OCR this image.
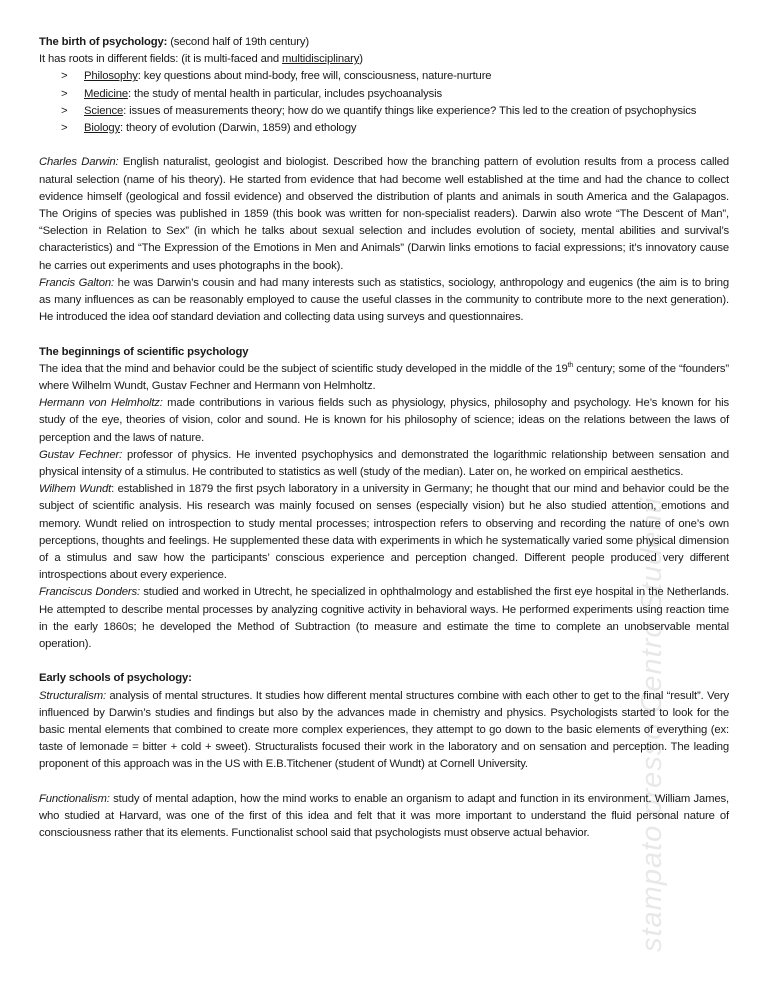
stampato presso Centro Studenti

The birth of psychology: (second half of 19th century)

It has roots in different fields: (it is multi-faced and multidisciplinary)

> Philosophy: key questions about mind-body, free will, consciousness, nature-nurture
> Medicine: the study of mental health in particular, includes psychoanalysis
> Science: issues of measurements theory; how do we quantify things like experience? This led to the creation of psychophysics
> Biology: theory of evolution (Darwin, 1859) and ethology

Charles Darwin: English naturalist, geologist and biologist. Described how the branching pattern of evolution results from a process called natural selection (name of his theory). He started from evidence that had become well established at the time and had the chance to collect evidence himself (geological and fossil evidence) and observed the distribution of plants and animals in south America and the Galapagos. The Origins of species was published in 1859 (this book was written for non-specialist readers). Darwin also wrote “The Descent of Man”, “Selection in Relation to Sex” (in which he talks about sexual selection and includes evolution of society, mental abilities and survival’s characteristics) and “The Expression of the Emotions in Men and Animals” (Darwin links emotions to facial expressions; it’s innovatory cause he carries out experiments and uses photographs in the book).

Francis Galton: he was Darwin’s cousin and had many interests such as statistics, sociology, anthropology and eugenics (the aim is to bring as many influences as can be reasonably employed to cause the useful classes in the community to contribute more to the next generation). He introduced the idea oof standard deviation and collecting data using surveys and questionnaires.

The beginnings of scientific psychology

The idea that the mind and behavior could be the subject of scientific study developed in the middle of the 19th century; some of the “founders” where Wilhelm Wundt, Gustav Fechner and Hermann von Helmholtz.

Hermann von Helmholtz: made contributions in various fields such as physiology, physics, philosophy and psychology. He’s known for his study of the eye, theories of vision, color and sound. He is known for his philosophy of science; ideas on the relations between the laws of perception and the laws of nature.

Gustav Fechner: professor of physics. He invented psychophysics and demonstrated the logarithmic relationship between sensation and physical intensity of a stimulus. He contributed to statistics as well (study of the median). Later on, he worked on empirical aesthetics.

Wilhem Wundt: established in 1879 the first psych laboratory in a university in Germany; he thought that our mind and behavior could be the subject of scientific analysis. His research was mainly focused on senses (especially vision) but he also studied attention, emotions and memory. Wundt relied on introspection to study mental processes; introspection refers to observing and recording the nature of one’s own perceptions, thoughts and feelings. He supplemented these data with experiments in which he systematically varied some physical dimension of a stimulus and saw how the participants’ conscious experience and perception changed. Different people produced very different introspections about every experience.

Franciscus Donders: studied and worked in Utrecht, he specialized in ophthalmology and established the first eye hospital in the Netherlands. He attempted to describe mental processes by analyzing cognitive activity in behavioral ways. He performed experiments using reaction time in the early 1860s; he developed the Method of Subtraction (to measure and estimate the time to complete an unobservable mental operation).

Early schools of psychology:

Structuralism: analysis of mental structures. It studies how different mental structures combine with each other to get to the final “result”. Very influenced by Darwin’s studies and findings but also by the advances made in chemistry and physics. Psychologists started to look for the basic mental elements that combined to create more complex experiences, they attempt to go down to the basic elements of everything (ex: taste of lemonade = bitter + cold + sweet). Structuralists focused their work in the laboratory and on sensation and perception. The leading proponent of this approach was in the US with E.B.Titchener (student of Wundt) at Cornell University.

Functionalism: study of mental adaption, how the mind works to enable an organism to adapt and function in its environment. William James, who studied at Harvard, was one of the first of this idea and felt that it was more important to understand the fluid personal nature of consciousness rather that its elements. Functionalist school said that psychologists must observe actual behavior.
